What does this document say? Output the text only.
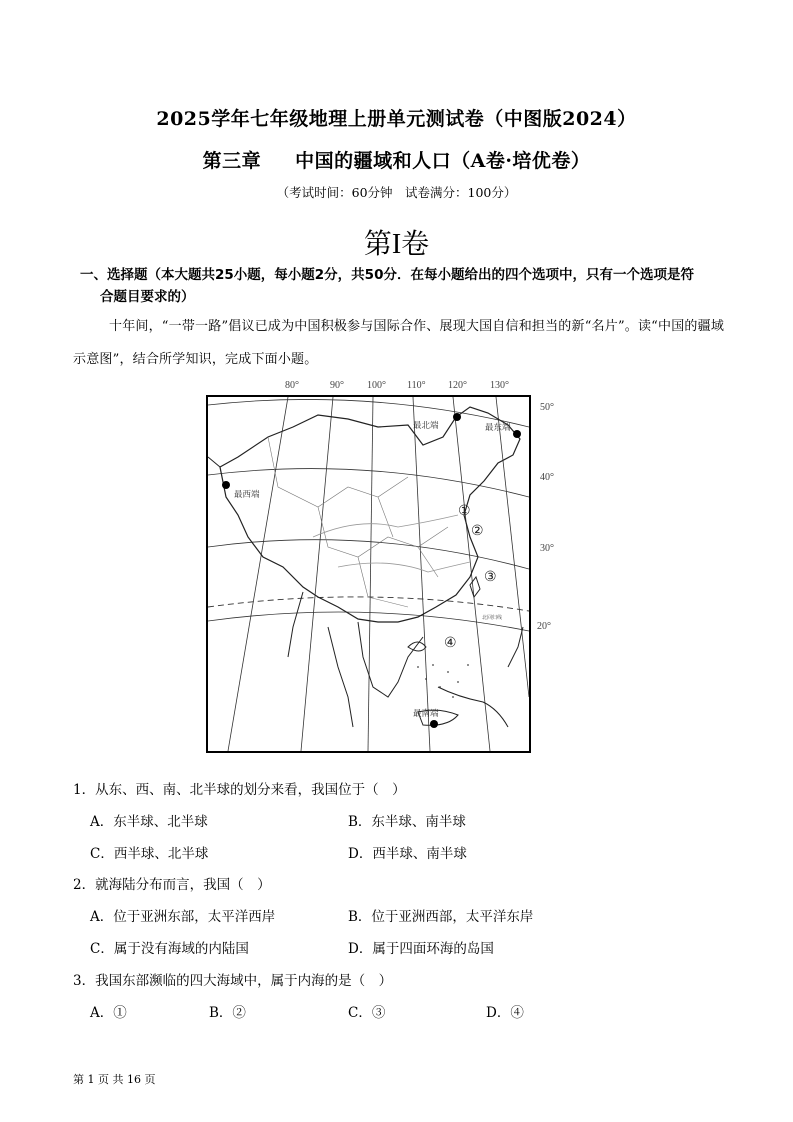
2025学年七年级地理上册单元测试卷（中图版2024）
第三章 中国的疆域和人口（A卷·培优卷）
（考试时间：60分钟　试卷满分：100分）
第I卷
一、选择题（本大题共25小题，每小题2分，共50分．在每小题给出的四个选项中，只有一个选项是符
合题目要求的）
十年间，“一带一路”倡议已成为中国积极参与国际合作、展现大国自信和担当的新“名片”。读“中国的疆域示意图”，结合所学知识，完成下面小题。
80°	90° 100° 110° 120° 130°
50°
40°
30°
20°
北回归线
最北端	最东端
最西端
最南端
①
②
③
④
1．从东、西、南、北半球的划分来看，我国位于（　）
A．东半球、北半球	B．东半球、南半球
C．西半球、北半球	D．西半球、南半球
2．就海陆分布而言，我国（　）
A．位于亚洲东部，太平洋西岸	B．位于亚洲西部，太平洋东岸
C．属于没有海域的内陆国	D．属于四面环海的岛国
3．我国东部濒临的四大海域中，属于内海的是（　）
A．①	B．②	C．③	D．④
第 1 页 共 16 页
